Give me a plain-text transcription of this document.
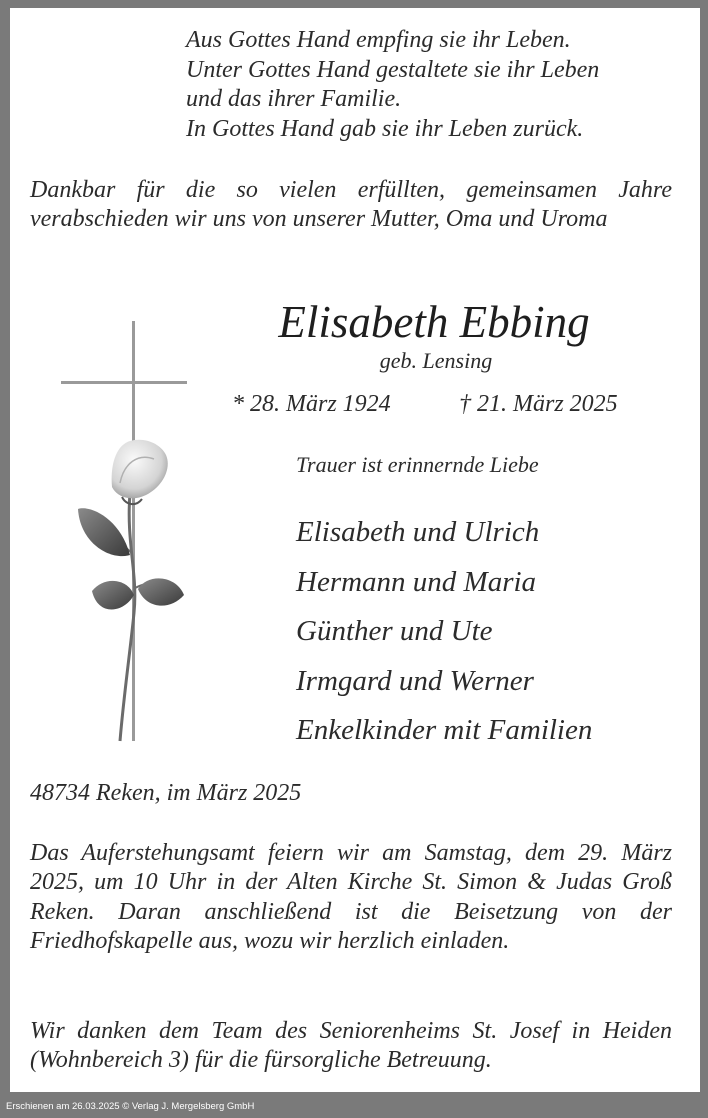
Aus Gottes Hand empfing sie ihr Leben.
Unter Gottes Hand gestaltete sie ihr Leben
und das ihrer Familie.
In Gottes Hand gab sie ihr Leben zurück.
Dankbar für die so vielen erfüllten, gemeinsamen Jahre verabschieden wir uns von unserer Mutter, Oma und Uroma
Elisabeth Ebbing
geb. Lensing
* 28. März 1924	† 21. März 2025
Trauer ist erinnernde Liebe
Elisabeth und Ulrich
Hermann und Maria
Günther und Ute
Irmgard und Werner
Enkelkinder mit Familien
48734 Reken, im März 2025
Das Auferstehungsamt feiern wir am Samstag, dem 29. März 2025, um 10 Uhr in der Alten Kirche St. Simon & Judas Groß Reken. Daran anschließend ist die Beisetzung von der Friedhofskapelle aus, wozu wir herzlich einladen.
Wir danken dem Team des Seniorenheims St. Josef in Heiden (Wohnbereich 3) für die fürsorgliche Betreuung.
Erschienen am 26.03.2025 © Verlag J. Mergelsberg GmbH
